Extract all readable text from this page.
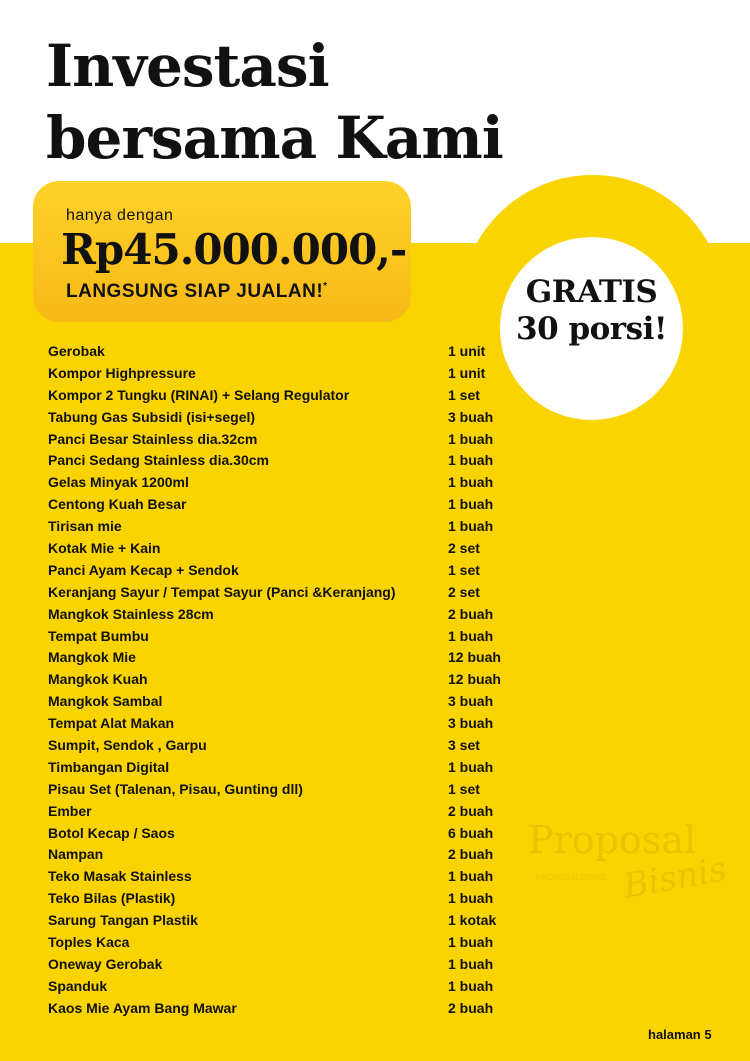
Investasi
bersama Kami
hanya dengan
Rp45.000.000,-
LANGSUNG SIAP JUALAN!*	GRATIS
30 porsi!
Gerobak	1 unit
Kompor Highpressure	1 unit
Kompor 2 Tungku (RINAI) + Selang Regulator	1 set
Tabung Gas Subsidi (isi+segel)	3 buah
Panci Besar Stainless dia.32cm	1 buah
Panci Sedang Stainless dia.30cm	1 buah
Gelas Minyak 1200ml	1 buah
Centong Kuah Besar	1 buah
Tirisan mie	1 buah
Kotak Mie + Kain	2 set
Panci Ayam Kecap + Sendok	1 set
Keranjang Sayur / Tempat Sayur (Panci &Keranjang)	2 set
Mangkok Stainless 28cm	2 buah
Tempat Bumbu	1 buah
Mangkok Mie	12 buah
Mangkok Kuah	12 buah
Mangkok Sambal	3 buah
Tempat Alat Makan	3 buah
Sumpit, Sendok , Garpu	3 set
Timbangan Digital	1 buah
Pisau Set (Talenan, Pisau, Gunting dll)	1 set
Ember	2 buah
Botol Kecap / Saos	6 buah
Nampan	2 buah
Teko Masak Stainless	1 buah
Teko Bilas (Plastik)	1 buah
Sarung Tangan Plastik	1 kotak
Toples Kaca	1 buah
Oneway Gerobak	1 buah
Spanduk	1 buah
Kaos Mie Ayam Bang Mawar	2 buah
Proposal
PROPOSALBISNIS Bisnis
halaman 5
